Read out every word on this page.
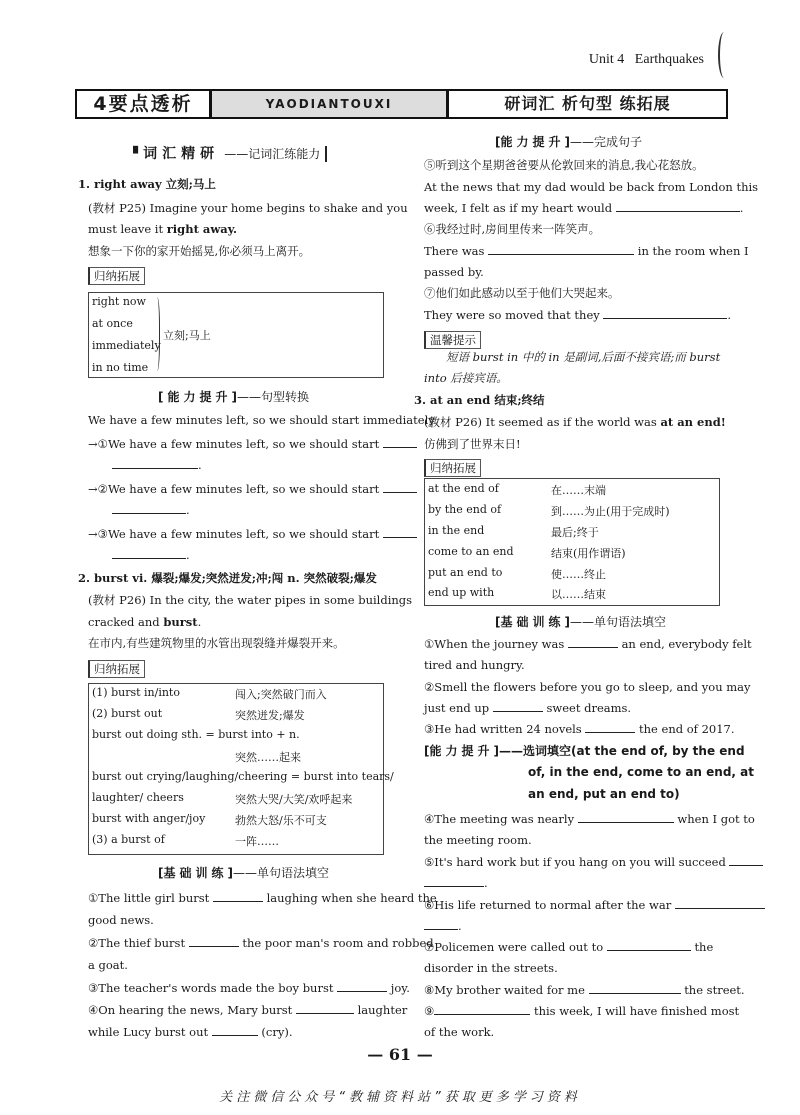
Unit 4 Earthquakes
4要点透析	YAODIANTOUXI	研词汇 析句型 练拓展
▝ 词汇精研 ——记词汇练能力
1. right away 立刻;马上
(教材 P25) Imagine your home begins to shake and you
must leave it right away.
想象一下你的家开始摇晃,你必须马上离开。
归纳拓展
right now
at once
immediately
in no time
立刻;马上
[能力提升]——句型转换
We have a few minutes left, so we should start immediately.
→①We have a few minutes left, so we should start
.
→②We have a few minutes left, so we should start
.
→③We have a few minutes left, so we should start
.
2. burst vi. 爆裂;爆发;突然迸发;冲;闯 n. 突然破裂;爆发
(教材 P26) In the city, the water pipes in some buildings
cracked and burst.
在市内,有些建筑物里的水管出现裂缝并爆裂开来。
归纳拓展
(1) burst in/into	闯入;突然破门而入
(2) burst out	突然迸发;爆发
burst out doing sth. = burst into + n.
突然……起来
burst out crying/laughing/cheering = burst into tears/
laughter/ cheers	突然大哭/大笑/欢呼起来
burst with anger/joy	勃然大怒/乐不可支
(3) a burst of	一阵……
[基础训练]——单句语法填空
①The little girl burst	laughing when she heard the
good news.
②The thief burst	the poor man's room and robbed
a goat.
③The teacher's words made the boy burst	joy.
④On hearing the news, Mary burst	laughter
while Lucy burst out	(cry).
[能力提升]——完成句子
⑤听到这个星期爸爸要从伦敦回来的消息,我心花怒放。
At the news that my dad would be back from London this
week, I felt as if my heart would	.
⑥我经过时,房间里传来一阵笑声。
There was	in the room when I
passed by.
⑦他们如此感动以至于他们大哭起来。
They were so moved that they	.
温馨提示
短语 burst in 中的 in 是副词,后面不接宾语;而 burst
into 后接宾语。
3. at an end 结束;终结
(教材 P26) It seemed as if the world was at an end!
仿佛到了世界末日!
归纳拓展
at the end of	在……末端
by the end of	到……为止(用于完成时)
in the end	最后;终于
come to an end	结束(用作谓语)
put an end to	使……终止
end up with	以……结束
[基础训练]——单句语法填空
①When the journey was	an end, everybody felt
tired and hungry.
②Smell the flowers before you go to sleep, and you may
just end up	sweet dreams.
③He had written 24 novels	the end of 2017.
[能力提升]——选词填空(at the end of, by the end
of, in the end, come to an end, at
an end, put an end to)
④The meeting was nearly	when I got to
the meeting room.
⑤It's hard work but if you hang on you will succeed
.
⑥His life returned to normal after the war
.
⑦Policemen were called out to	the
disorder in the streets.
⑧My brother waited for me	the street.
⑨	this week, I will have finished most
of the work.
— 61 —
关注微信公众号“教辅资料站”获取更多学习资料
